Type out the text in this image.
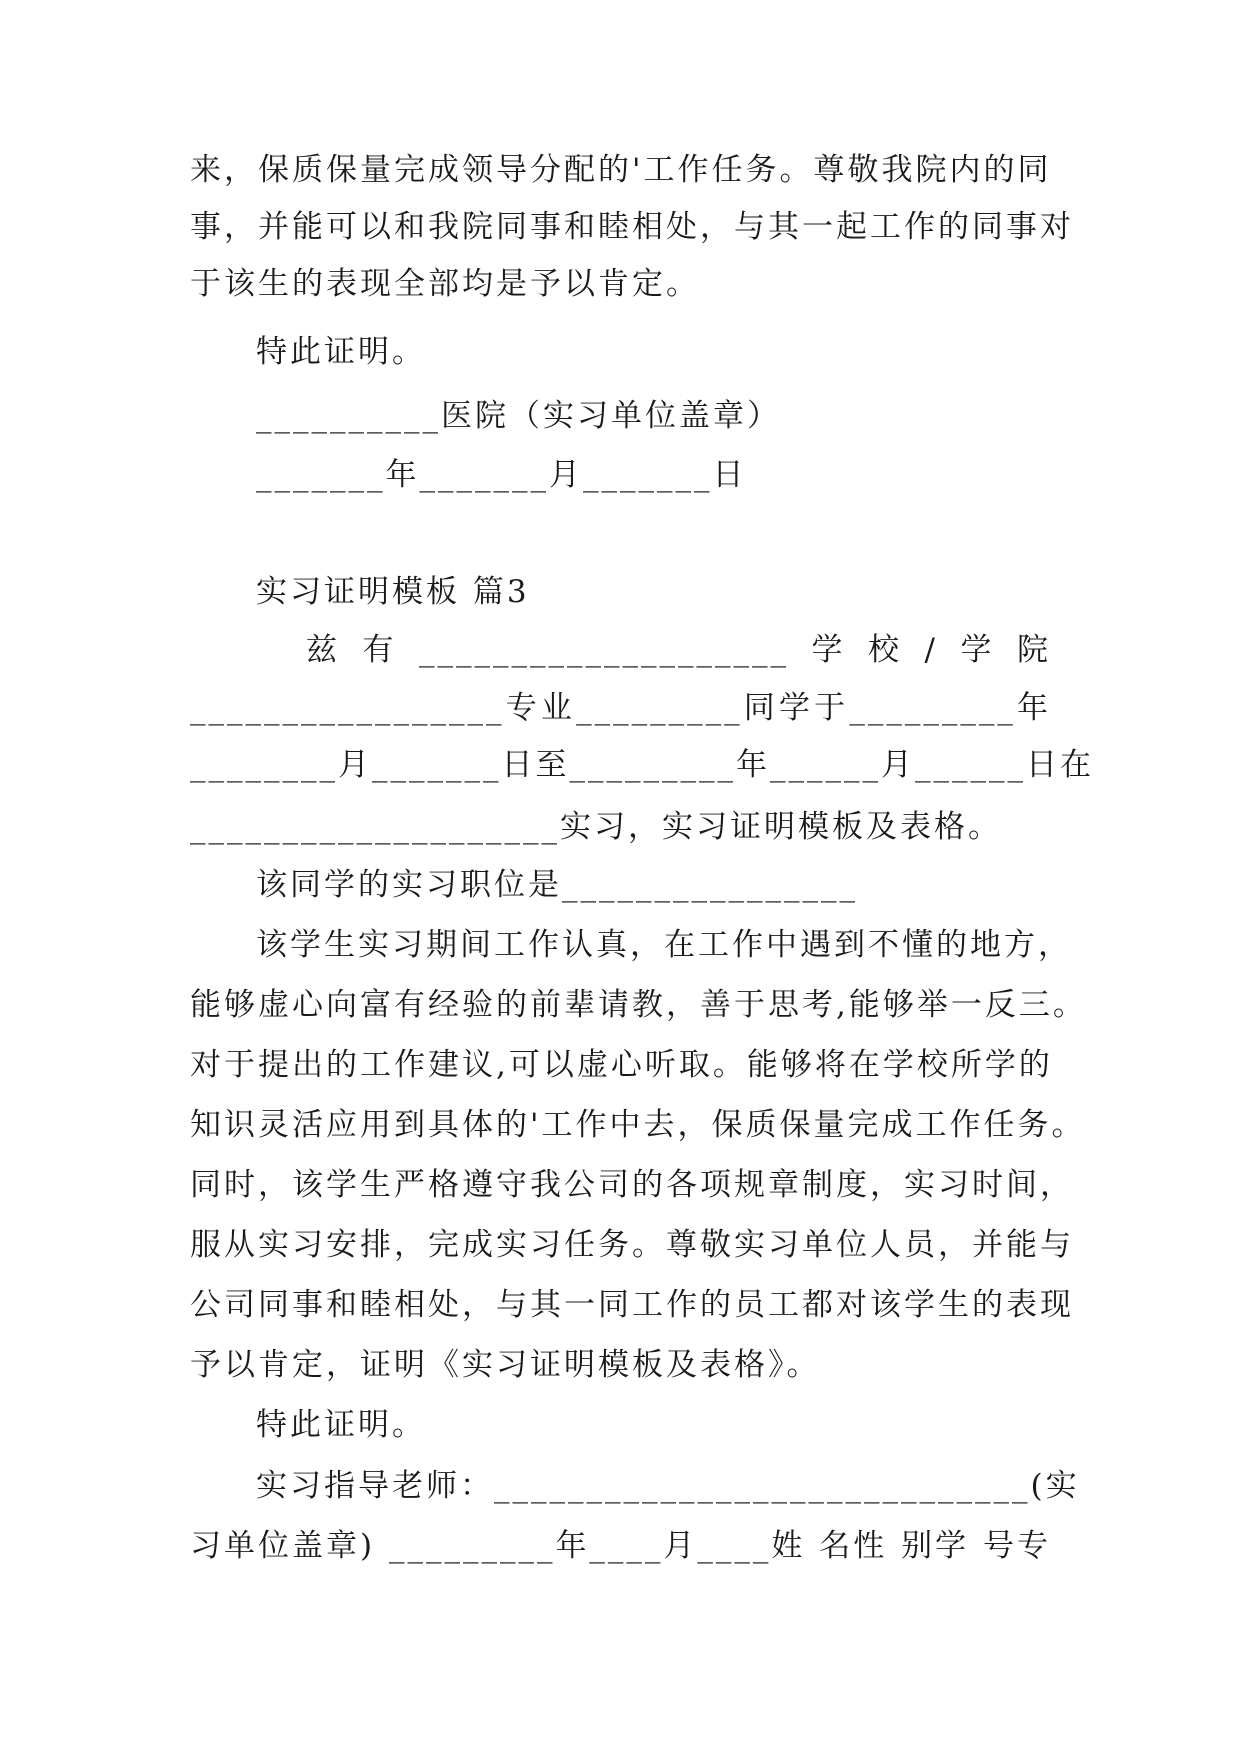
来，保质保量完成领导分配的'工作任务。尊敬我院内的同
事，并能可以和我院同事和睦相处，与其一起工作的同事对
于该生的表现全部均是予以肯定。
特此证明。
__________医院（实习单位盖章）
_______年_______月_______日
实习证明模板 篇3
兹 有 ____________________ 学 校 / 学 院
_________________ 专 业 _________ 同 学 于 _________ 年
________月 _______日至 _________年 ______月 ______日在
____________________实习，实习证明模板及表格。
该同学的实习职位是________________
该学生实习期间工作认真，在工作中遇到不懂的地方，
能够虚心向富有经验的前辈请教，善于思考,能够举一反三。
对于提出的工作建议,可以虚心听取。能够将在学校所学的
知识灵活应用到具体的'工作中去，保质保量完成工作任务。
同时，该学生严格遵守我公司的各项规章制度，实习时间，
服从实习安排，完成实习任务。尊敬实习单位人员，并能与
公司同事和睦相处，与其一同工作的员工都对该学生的表现
予以肯定，证明《实习证明模板及表格》。
特此证明。
实习指导老师： __________ ___________________(实
习单位盖章) _________年____月____姓 名性 别学 号专
